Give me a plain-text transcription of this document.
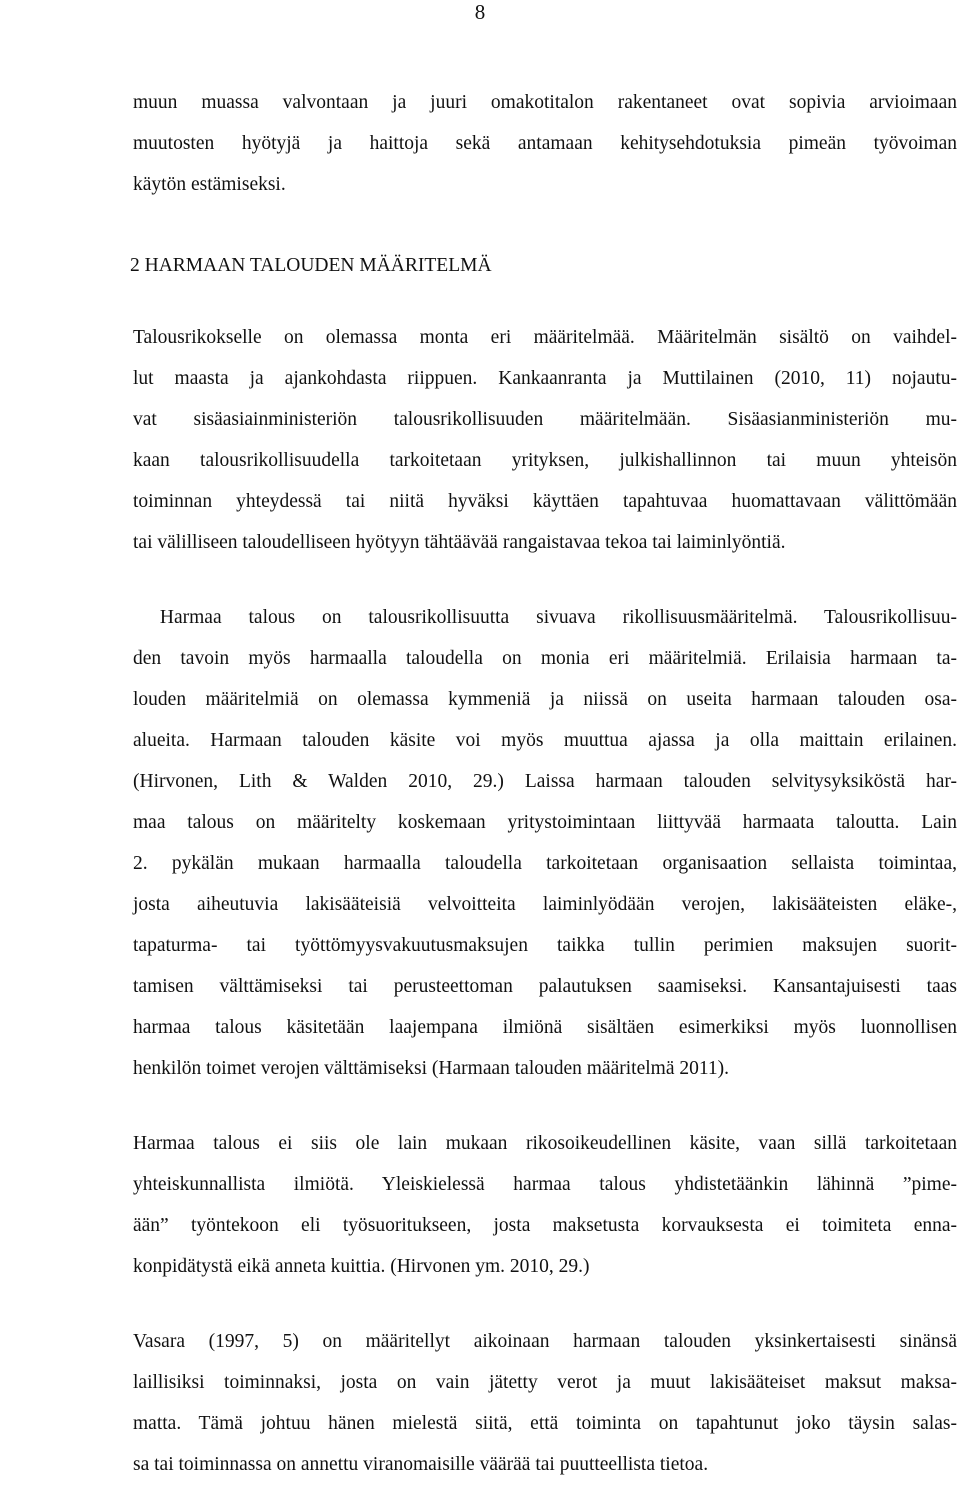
8
muun muassa valvontaan ja juuri omakotitalon rakentaneet ovat sopivia arvioimaan
muutosten hyötyjä ja haittoja sekä antamaan kehitysehdotuksia pimeän työvoiman
käytön estämiseksi.
2 HARMAAN TALOUDEN MÄÄRITELMÄ
Talousrikokselle on olemassa monta eri määritelmää. Määritelmän sisältö on vaihdel-
lut maasta ja ajankohdasta riippuen. Kankaanranta ja Muttilainen (2010, 11) nojautu-
vat sisäasiainministeriön talousrikollisuuden määritelmään. Sisäasianministeriön mu-
kaan talousrikollisuudella tarkoitetaan yrityksen, julkishallinnon tai muun yhteisön
toiminnan yhteydessä tai niitä hyväksi käyttäen tapahtuvaa huomattavaan välittömään
tai välilliseen taloudelliseen hyötyyn tähtäävää rangaistavaa tekoa tai laiminlyöntiä.
Harmaa talous on talousrikollisuutta sivuava rikollisuusmääritelmä. Talousrikollisuu-
den tavoin myös harmaalla taloudella on monia eri määritelmiä. Erilaisia harmaan ta-
louden määritelmiä on olemassa kymmeniä ja niissä on useita harmaan talouden osa-
alueita. Harmaan talouden käsite voi myös muuttua ajassa ja olla maittain erilainen.
(Hirvonen, Lith & Walden 2010, 29.) Laissa harmaan talouden selvitysyksiköstä har-
maa talous on määritelty koskemaan yritystoimintaan liittyvää harmaata taloutta. Lain
2. pykälän mukaan harmaalla taloudella tarkoitetaan organisaation sellaista toimintaa,
josta aiheutuvia lakisääteisiä velvoitteita laiminlyödään verojen, lakisääteisten eläke-,
tapaturma- tai työttömyysvakuutusmaksujen taikka tullin perimien maksujen suorit-
tamisen välttämiseksi tai perusteettoman palautuksen saamiseksi. Kansantajuisesti taas
harmaa talous käsitetään laajempana ilmiönä sisältäen esimerkiksi myös luonnollisen
henkilön toimet verojen välttämiseksi (Harmaan talouden määritelmä 2011).
Harmaa talous ei siis ole lain mukaan rikosoikeudellinen käsite, vaan sillä tarkoitetaan
yhteiskunnallista ilmiötä. Yleiskielessä harmaa talous yhdistetäänkin lähinnä ”pime-
ään” työntekoon eli työsuoritukseen, josta maksetusta korvauksesta ei toimiteta enna-
konpidätystä eikä anneta kuittia. (Hirvonen ym. 2010, 29.)
Vasara (1997, 5) on määritellyt aikoinaan harmaan talouden yksinkertaisesti sinänsä
laillisiksi toiminnaksi, josta on vain jätetty verot ja muut lakisääteiset maksut maksa-
matta. Tämä johtuu hänen mielestä siitä, että toiminta on tapahtunut joko täysin salas-
sa tai toiminnassa on annettu viranomaisille väärää tai puutteellista tietoa.
